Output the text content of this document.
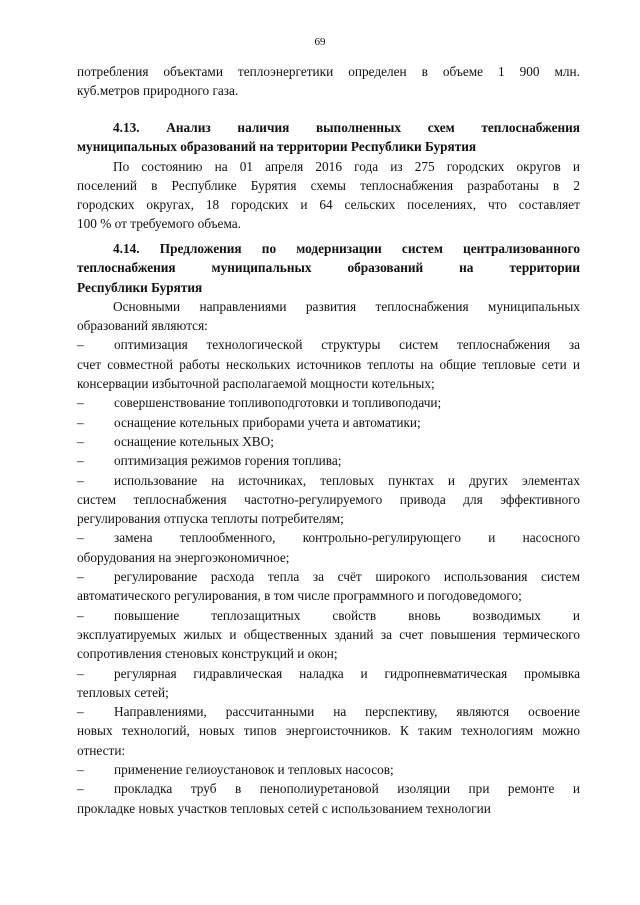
69

потребления объектами теплоэнергетики определен в объеме 1 900 млн.

куб.метров природного газа.

4.13. Анализ наличия выполненных схем теплоснабжения

муниципальных образований на территории Республики Бурятия

По состоянию на 01 апреля 2016 года из 275 городских округов и

поселений в Республике Бурятия схемы теплоснабжения разработаны в 2

городских округах, 18 городских и 64 сельских поселениях, что составляет

100 % от требуемого объема.

4.14. Предложения по модернизации систем централизованного

теплоснабжения муниципальных образований на территории

Республики Бурятия

Основными направлениями развития теплоснабжения муниципальных

образований являются:

–	оптимизация технологической структуры систем теплоснабжения за
счет совместной работы нескольких источников теплоты на общие тепловые сети и консервации избыточной располагаемой мощности котельных;
–	совершенствование топливоподготовки и топливоподачи;
–	оснащение котельных приборами учета и автоматики;
–	оснащение котельных ХВО;
–	оптимизация режимов горения топлива;
–	использование на источниках, тепловых пунктах и других элементах
систем теплоснабжения частотно-регулируемого привода для эффективного регулирования отпуска теплоты потребителям;
–	замена теплообменного, контрольно-регулирующего и насосного
оборудования на энергоэкономичное;
–	регулирование расхода тепла за счёт широкого использования систем
автоматического регулирования, в том числе программного и погодоведомого;
–	повышение теплозащитных свойств вновь возводимых и
эксплуатируемых жилых и общественных зданий за счет повышения термического сопротивления стеновых конструкций и окон;
–	регулярная гидравлическая наладка и гидропневматическая промывка
тепловых сетей;
–	Направлениями, рассчитанными на перспективу, являются освоение
новых технологий, новых типов энергоисточников. К таким технологиям можно отнести:
–	применение гелиоустановок и тепловых насосов;
–	прокладка труб в пенополиуретановой изоляции при ремонте и
прокладке новых участков тепловых сетей с использованием технологии
